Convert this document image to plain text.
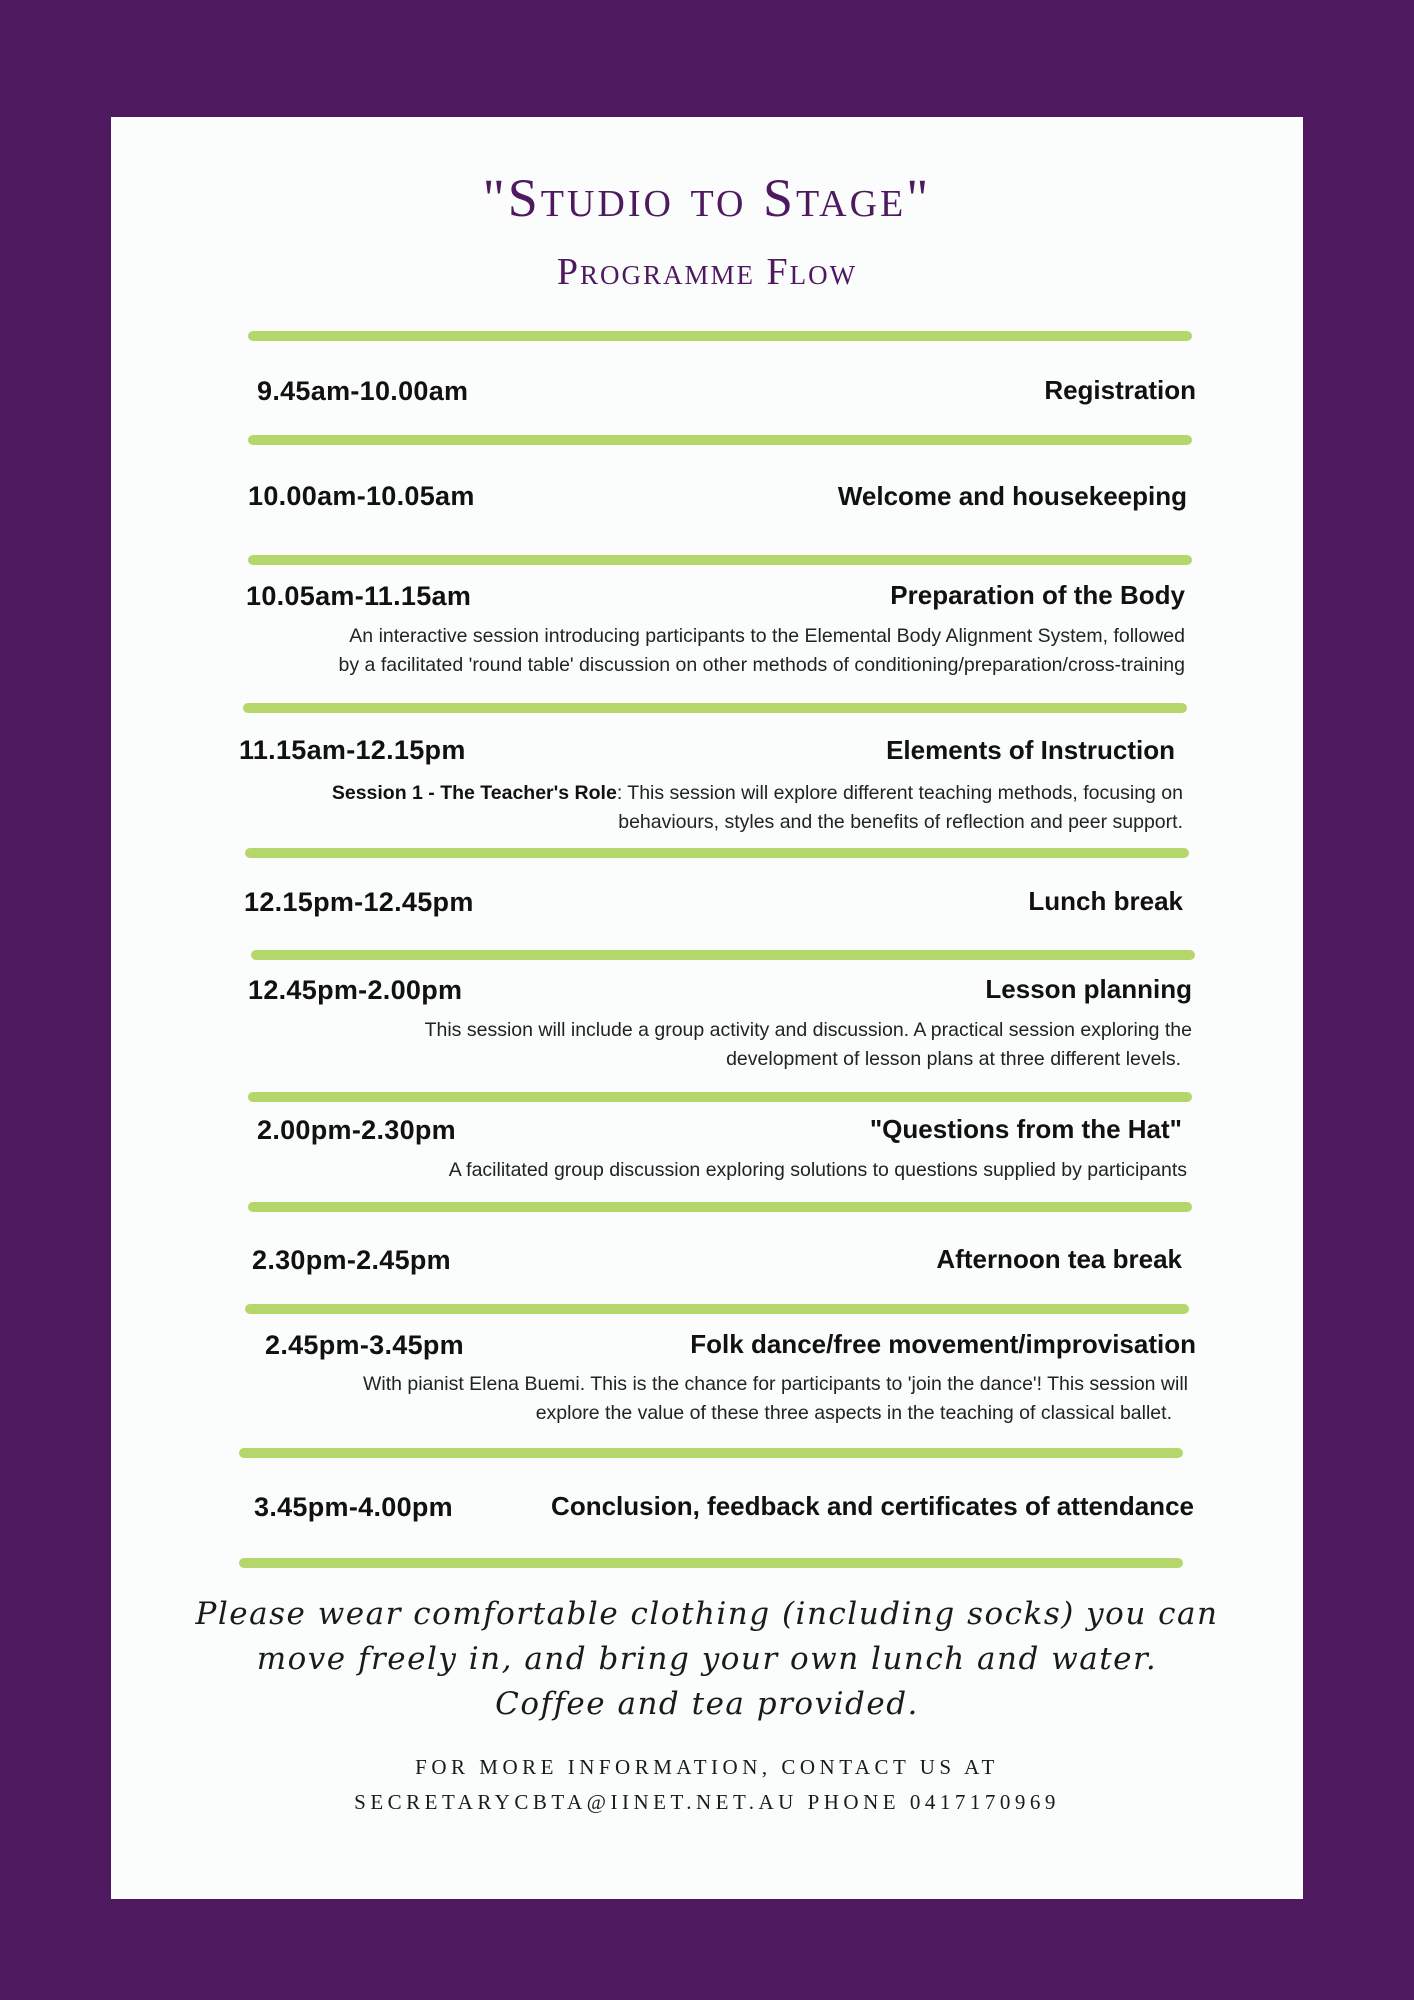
"Studio to Stage"
Programme Flow
9.45am-10.00am	Registration
10.00am-10.05am	Welcome and housekeeping
10.05am-11.15am	Preparation of the Body
An interactive session introducing participants to the Elemental Body Alignment System, followed
by a facilitated 'round table' discussion on other methods of conditioning/preparation/cross-training
11.15am-12.15pm	Elements of Instruction
Session 1 - The Teacher's Role: This session will explore different teaching methods, focusing on
behaviours, styles and the benefits of reflection and peer support.
12.15pm-12.45pm	Lunch break
12.45pm-2.00pm	Lesson planning
This session will include a group activity and discussion. A practical session exploring the
development of lesson plans at three different levels.
2.00pm-2.30pm	"Questions from the Hat"
A facilitated group discussion exploring solutions to questions supplied by participants
2.30pm-2.45pm	Afternoon tea break
2.45pm-3.45pm	Folk dance/free movement/improvisation
With pianist Elena Buemi. This is the chance for participants to 'join the dance'! This session will
explore the value of these three aspects in the teaching of classical ballet.
3.45pm-4.00pm	Conclusion, feedback and certificates of attendance
Please wear comfortable clothing (including socks) you can
move freely in, and bring your own lunch and water.
Coffee and tea provided.
FOR MORE INFORMATION, CONTACT US AT
SECRETARYCBTA@IINET.NET.AU PHONE 0417170969
